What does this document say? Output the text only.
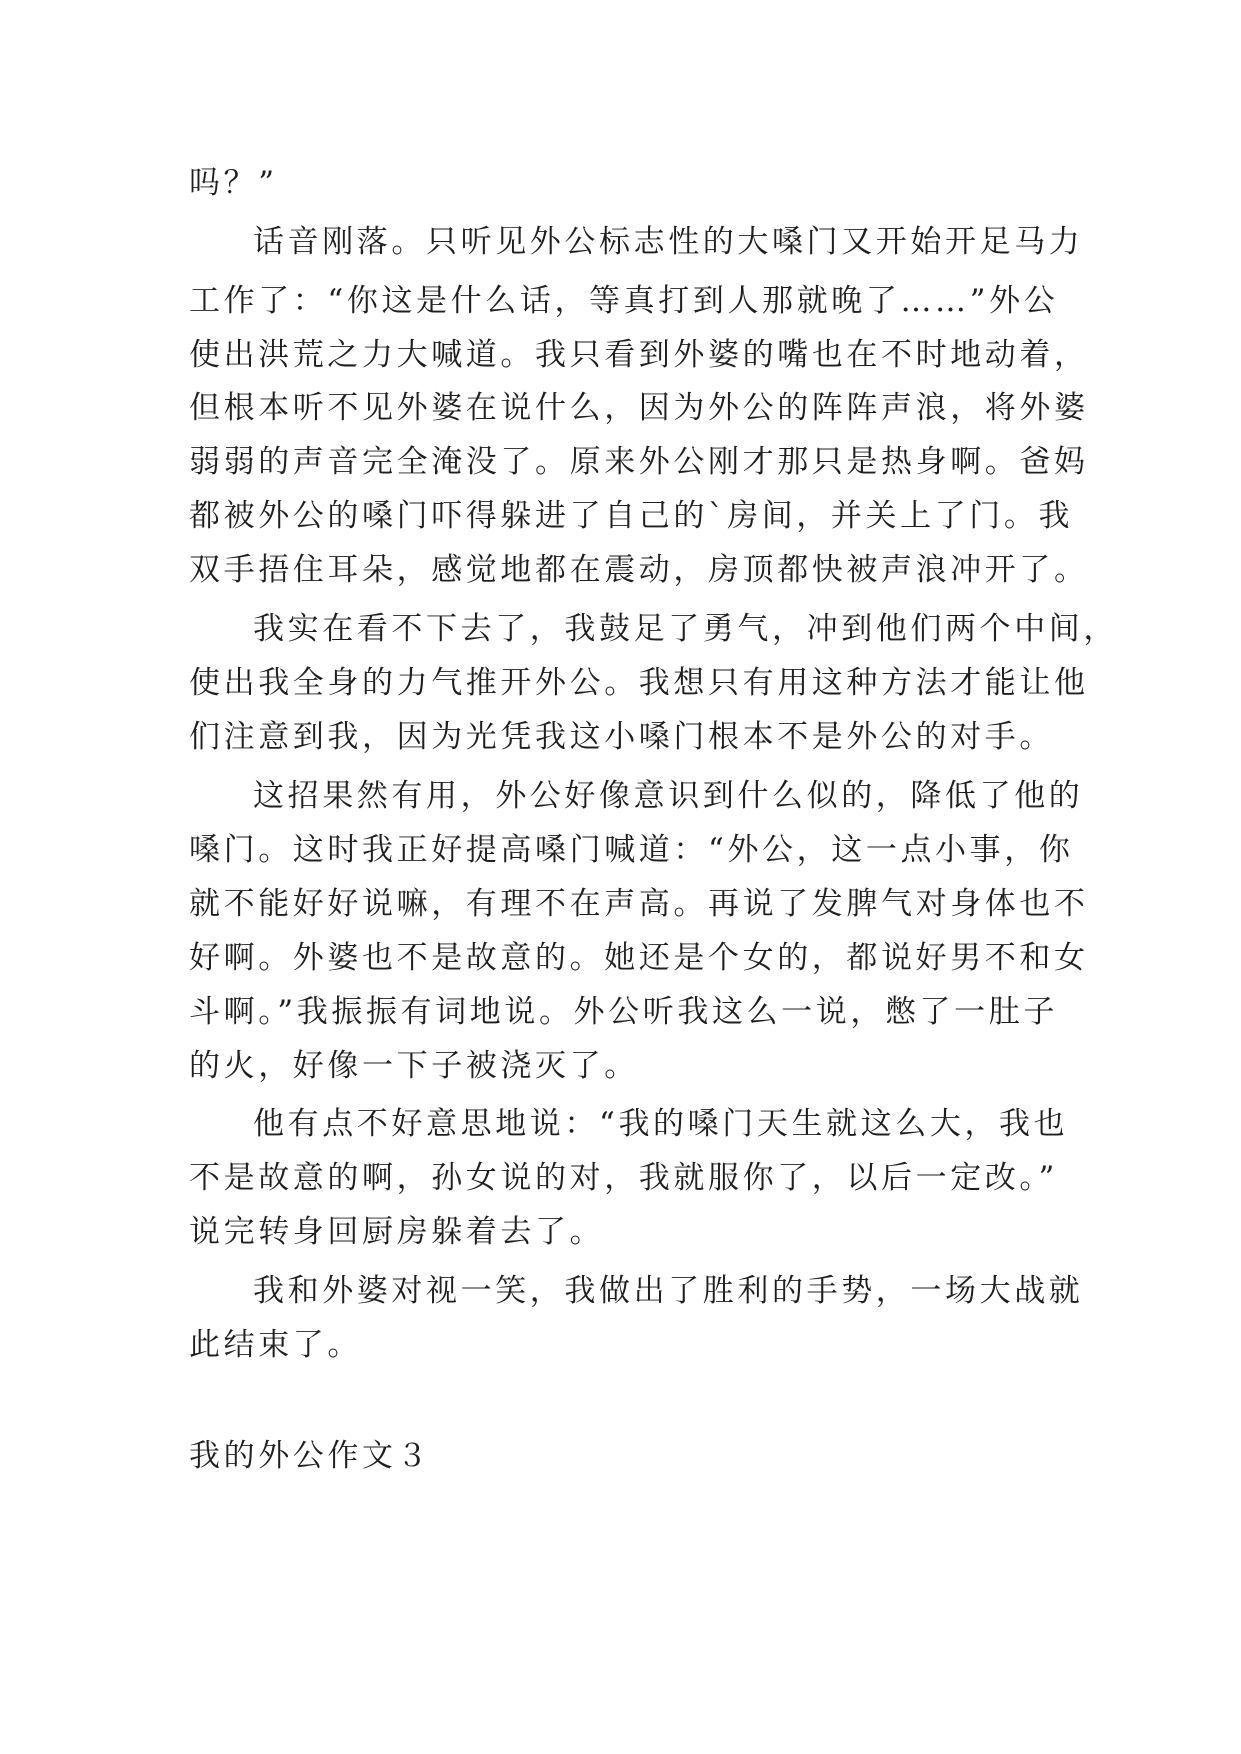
吗？”
话音刚落。只听见外公标志性的大嗓门又开始开足马力
工作了：“你这是什么话，等真打到人那就晚了……”外公
使出洪荒之力大喊道。我只看到外婆的嘴也在不时地动着，
但根本听不见外婆在说什么，因为外公的阵阵声浪，将外婆
弱弱的声音完全淹没了。原来外公刚才那只是热身啊。爸妈
都被外公的嗓门吓得躲进了自己的`房间，并关上了门。我
双手捂住耳朵，感觉地都在震动，房顶都快被声浪冲开了。
我实在看不下去了，我鼓足了勇气，冲到他们两个中间，
使出我全身的力气推开外公。我想只有用这种方法才能让他
们注意到我，因为光凭我这小嗓门根本不是外公的对手。
这招果然有用，外公好像意识到什么似的，降低了他的
嗓门。这时我正好提高嗓门喊道：“外公，这一点小事，你
就不能好好说嘛，有理不在声高。再说了发脾气对身体也不
好啊。外婆也不是故意的。她还是个女的，都说好男不和女
斗啊。”我振振有词地说。外公听我这么一说，憋了一肚子
的火，好像一下子被浇灭了。
他有点不好意思地说：“我的嗓门天生就这么大，我也
不是故意的啊，孙女说的对，我就服你了，以后一定改。”
说完转身回厨房躲着去了。
我和外婆对视一笑，我做出了胜利的手势，一场大战就
此结束了。
我的外公作文３
